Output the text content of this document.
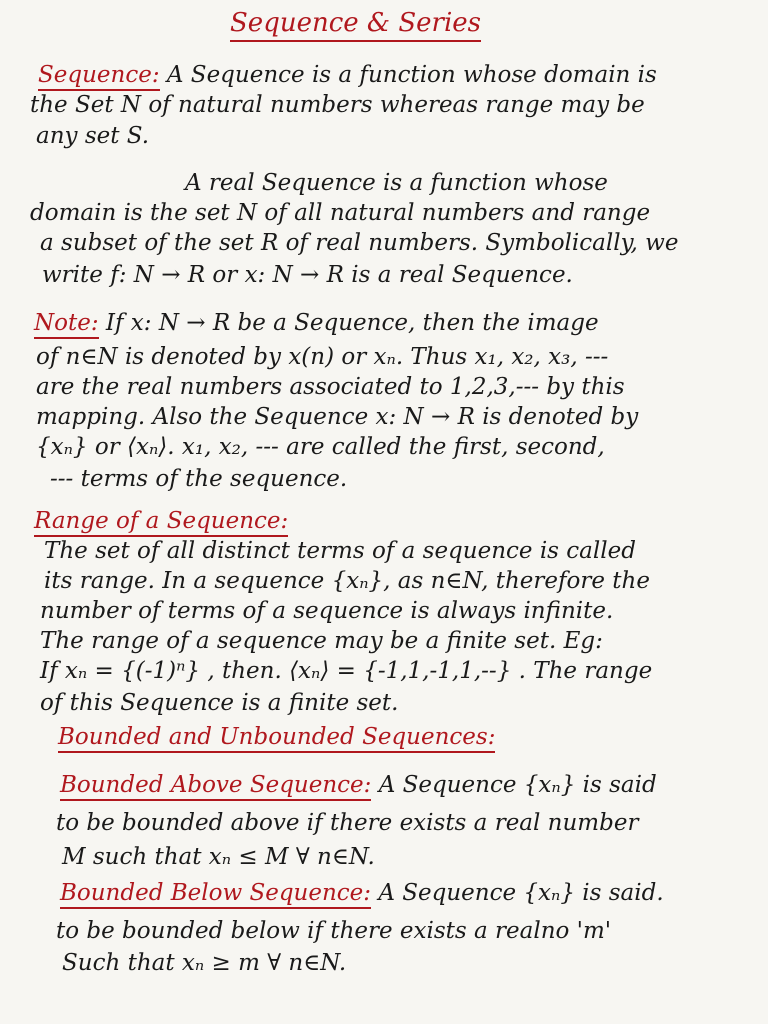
Sequence & Series
Sequence: A Sequence is a function whose domain is
the Set N of natural numbers whereas range may be
any set S.
A real Sequence is a function whose
domain is the set N of all natural numbers and range
a subset of the set R of real numbers. Symbolically, we
write f: N → R or x: N → R is a real Sequence.
Note: If x: N → R be a Sequence, then the image
of n∈N is denoted by x(n) or xₙ. Thus x₁, x₂, x₃, ---
are the real numbers associated to 1,2,3,--- by this
mapping. Also the Sequence x: N → R is denoted by
{xₙ} or ⟨xₙ⟩. x₁, x₂, --- are called the first, second,
--- terms of the sequence.
Range of a Sequence:
The set of all distinct terms of a sequence is called
its range. In a sequence {xₙ}, as n∈N, therefore the
number of terms of a sequence is always infinite.
The range of a sequence may be a finite set. Eg:
If xₙ = {(-1)ⁿ} , then. ⟨xₙ⟩ = {-1,1,-1,1,--} . The range
of this Sequence is a finite set.
Bounded and Unbounded Sequences:
Bounded Above Sequence: A Sequence {xₙ} is said
to be bounded above if there exists a real number
M such that xₙ ≤ M ∀ n∈N.
Bounded Below Sequence: A Sequence {xₙ} is said.
to be bounded below if there exists a realno 'm'
Such that xₙ ≥ m ∀ n∈N.
